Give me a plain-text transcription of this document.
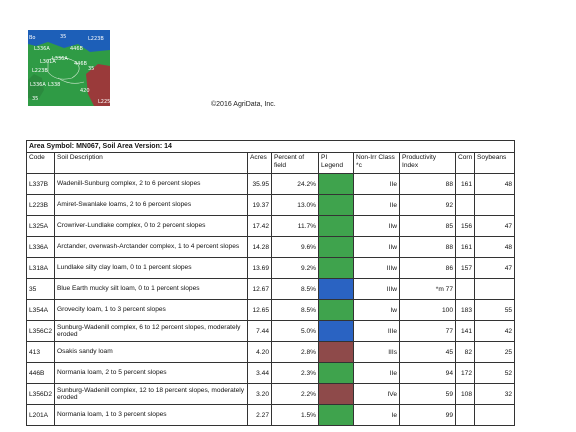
Bo	35	L223B
L336A	446B
L301A
L336A
446B
L223B	35
L338
L336A
420
35	L225A	©2016 AgriData, Inc.
Area Symbol: MN067, Soil Area Version: 14								
Code	Soil Description	Acres	Percent of field	PI Legend	Non-Irr Class *c	Productivity Index	Corn	Soybeans
L337B	Wadenill-Sunburg complex, 2 to 6 percent slopes	35.95	24.2%		IIe	88	161	48
L223B	Amiret-Swanlake loams, 2 to 6 percent slopes	19.37	13.0%		IIe	92		
L325A	Crowriver-Lundlake complex, 0 to 2 percent slopes	17.42	11.7%		IIw	85	156	47
L336A	Arctander, overwash-Arctander complex, 1 to 4 percent slopes	14.28	9.6%		IIw	88	161	48
L318A	Lundlake silty clay loam, 0 to 1 percent slopes	13.69	9.2%		IIIw	86	157	47
35	Blue Earth mucky silt loam, 0 to 1 percent slopes	12.67	8.5%		IIIw	*m 77		
L354A	Grovecity loam, 1 to 3 percent slopes	12.65	8.5%		Iw	100	183	55
L356C2	Sunburg-Wadenill complex, 6 to 12 percent slopes, moderately eroded	7.44	5.0%		IIIe	77	141	42
413	Osakis sandy loam	4.20	2.8%		IIIs	45	82	25
446B	Normania loam, 2 to 5 percent slopes	3.44	2.3%		IIe	94	172	52
L356D2	Sunburg-Wadenill complex, 12 to 18 percent slopes, moderately eroded	3.20	2.2%		IVe	59	108	32
L201A	Normania loam, 1 to 3 percent slopes	2.27	1.5%		Ie	99		
